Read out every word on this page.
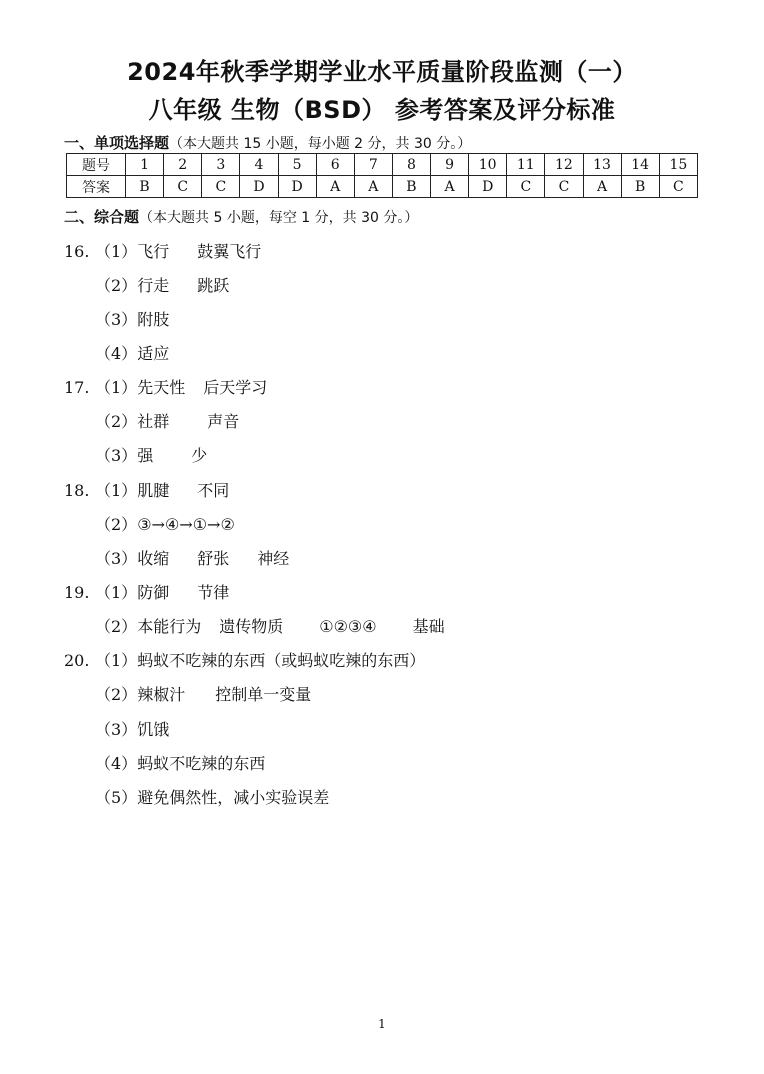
2024年秋季学期学业水平质量阶段监测（一）
八年级 生物（BSD） 参考答案及评分标准
一、单项选择题（本大题共 15 小题，每小题 2 分，共 30 分。）
题号	1	2	3	4	5	6	7	8	9	10	11	12	13	14	15
答案	B	C	C	D	D	A	A	B	A	D	C	C	A	B	C
二、综合题（本大题共 5 小题，每空 1 分，共 30 分。）
16. （1）飞行 鼓翼飞行
（2）行走 跳跃
（3）附肢
（4）适应
17. （1）先天性 后天学习
（2）社群 声音
（3）强 少
18. （1）肌腱 不同
（2）③→④→①→②
（3）收缩 舒张 神经
19. （1）防御 节律
（2）本能行为 遗传物质 ①②③④ 基础
20. （1）蚂蚁不吃辣的东西（或蚂蚁吃辣的东西）
（2）辣椒汁 控制单一变量
（3）饥饿
（4）蚂蚁不吃辣的东西
（5）避免偶然性，减小实验误差
1
